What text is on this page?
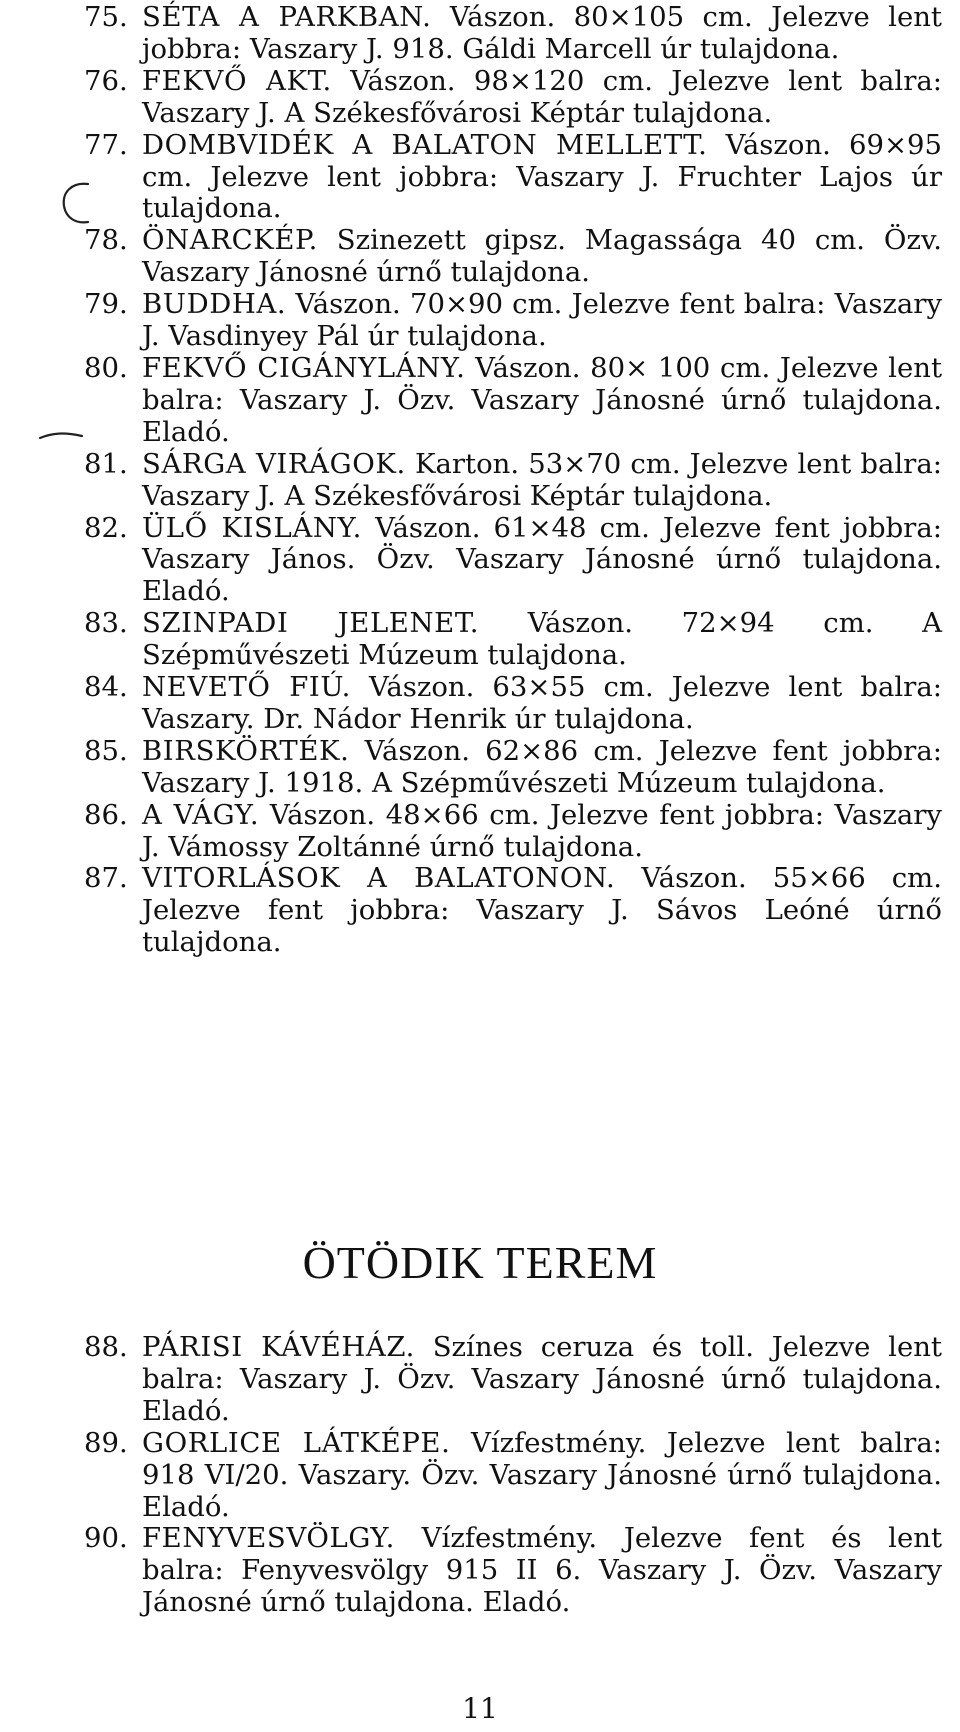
75. SÉTA A PARKBAN. Vászon. 80×105 cm. Jelezve lent jobbra: Vaszary J. 918. Gáldi Marcell úr tulajdona.
76. FEKVŐ AKT. Vászon. 98×120 cm. Jelezve lent balra: Vaszary J. A Székesfővárosi Képtár tulajdona.
77. DOMBVIDÉK A BALATON MELLETT. Vászon. 69×95 cm. Jelezve lent jobbra: Vaszary J. Fruchter Lajos úr tulajdona.
78. ÖNARCKÉP. Szinezett gipsz. Magassága 40 cm. Özv. Vaszary Jánosné úrnő tulajdona.
79. BUDDHA. Vászon. 70×90 cm. Jelezve fent balra: Vaszary J. Vasdinyey Pál úr tulajdona.
80. FEKVŐ CIGÁNYLÁNY. Vászon. 80× 100 cm. Jelezve lent balra: Vaszary J. Özv. Vaszary Jánosné úrnő tulajdona. Eladó.
81. SÁRGA VIRÁGOK. Karton. 53×70 cm. Jelezve lent balra: Vaszary J. A Székesfővárosi Képtár tulajdona.
82. ÜLŐ KISLÁNY. Vászon. 61×48 cm. Jelezve fent jobbra: Vaszary János. Özv. Vaszary Jánosné úrnő tulajdona. Eladó.
83. SZINPADI JELENET. Vászon. 72×94 cm. A Szépművészeti Múzeum tulajdona.
84. NEVETŐ FIÚ. Vászon. 63×55 cm. Jelezve lent balra: Vaszary. Dr. Nádor Henrik úr tulajdona.
85. BIRSKÖRTÉK. Vászon. 62×86 cm. Jelezve fent jobbra: Vaszary J. 1918. A Szépművészeti Múzeum tulajdona.
86. A VÁGY. Vászon. 48×66 cm. Jelezve fent jobbra: Vaszary J. Vámossy Zoltánné úrnő tulajdona.
87. VITORLÁSOK A BALATONON. Vászon. 55×66 cm. Jelezve fent jobbra: Vaszary J. Sávos Leóné úrnő tulajdona.
ÖTÖDIK TEREM
88. PÁRISI KÁVÉHÁZ. Színes ceruza és toll. Jelezve lent balra: Vaszary J. Özv. Vaszary Jánosné úrnő tulajdona. Eladó.
89. GORLICE LÁTKÉPE. Vízfestmény. Jelezve lent balra: 918 VI/20. Vaszary. Özv. Vaszary Jánosné úrnő tulajdona. Eladó.
90. FENYVESVÖLGY. Vízfestmény. Jelezve fent és lent balra: Fenyvesvölgy 915 II 6. Vaszary J. Özv. Vaszary Jánosné úrnő tulajdona. Eladó.
11
